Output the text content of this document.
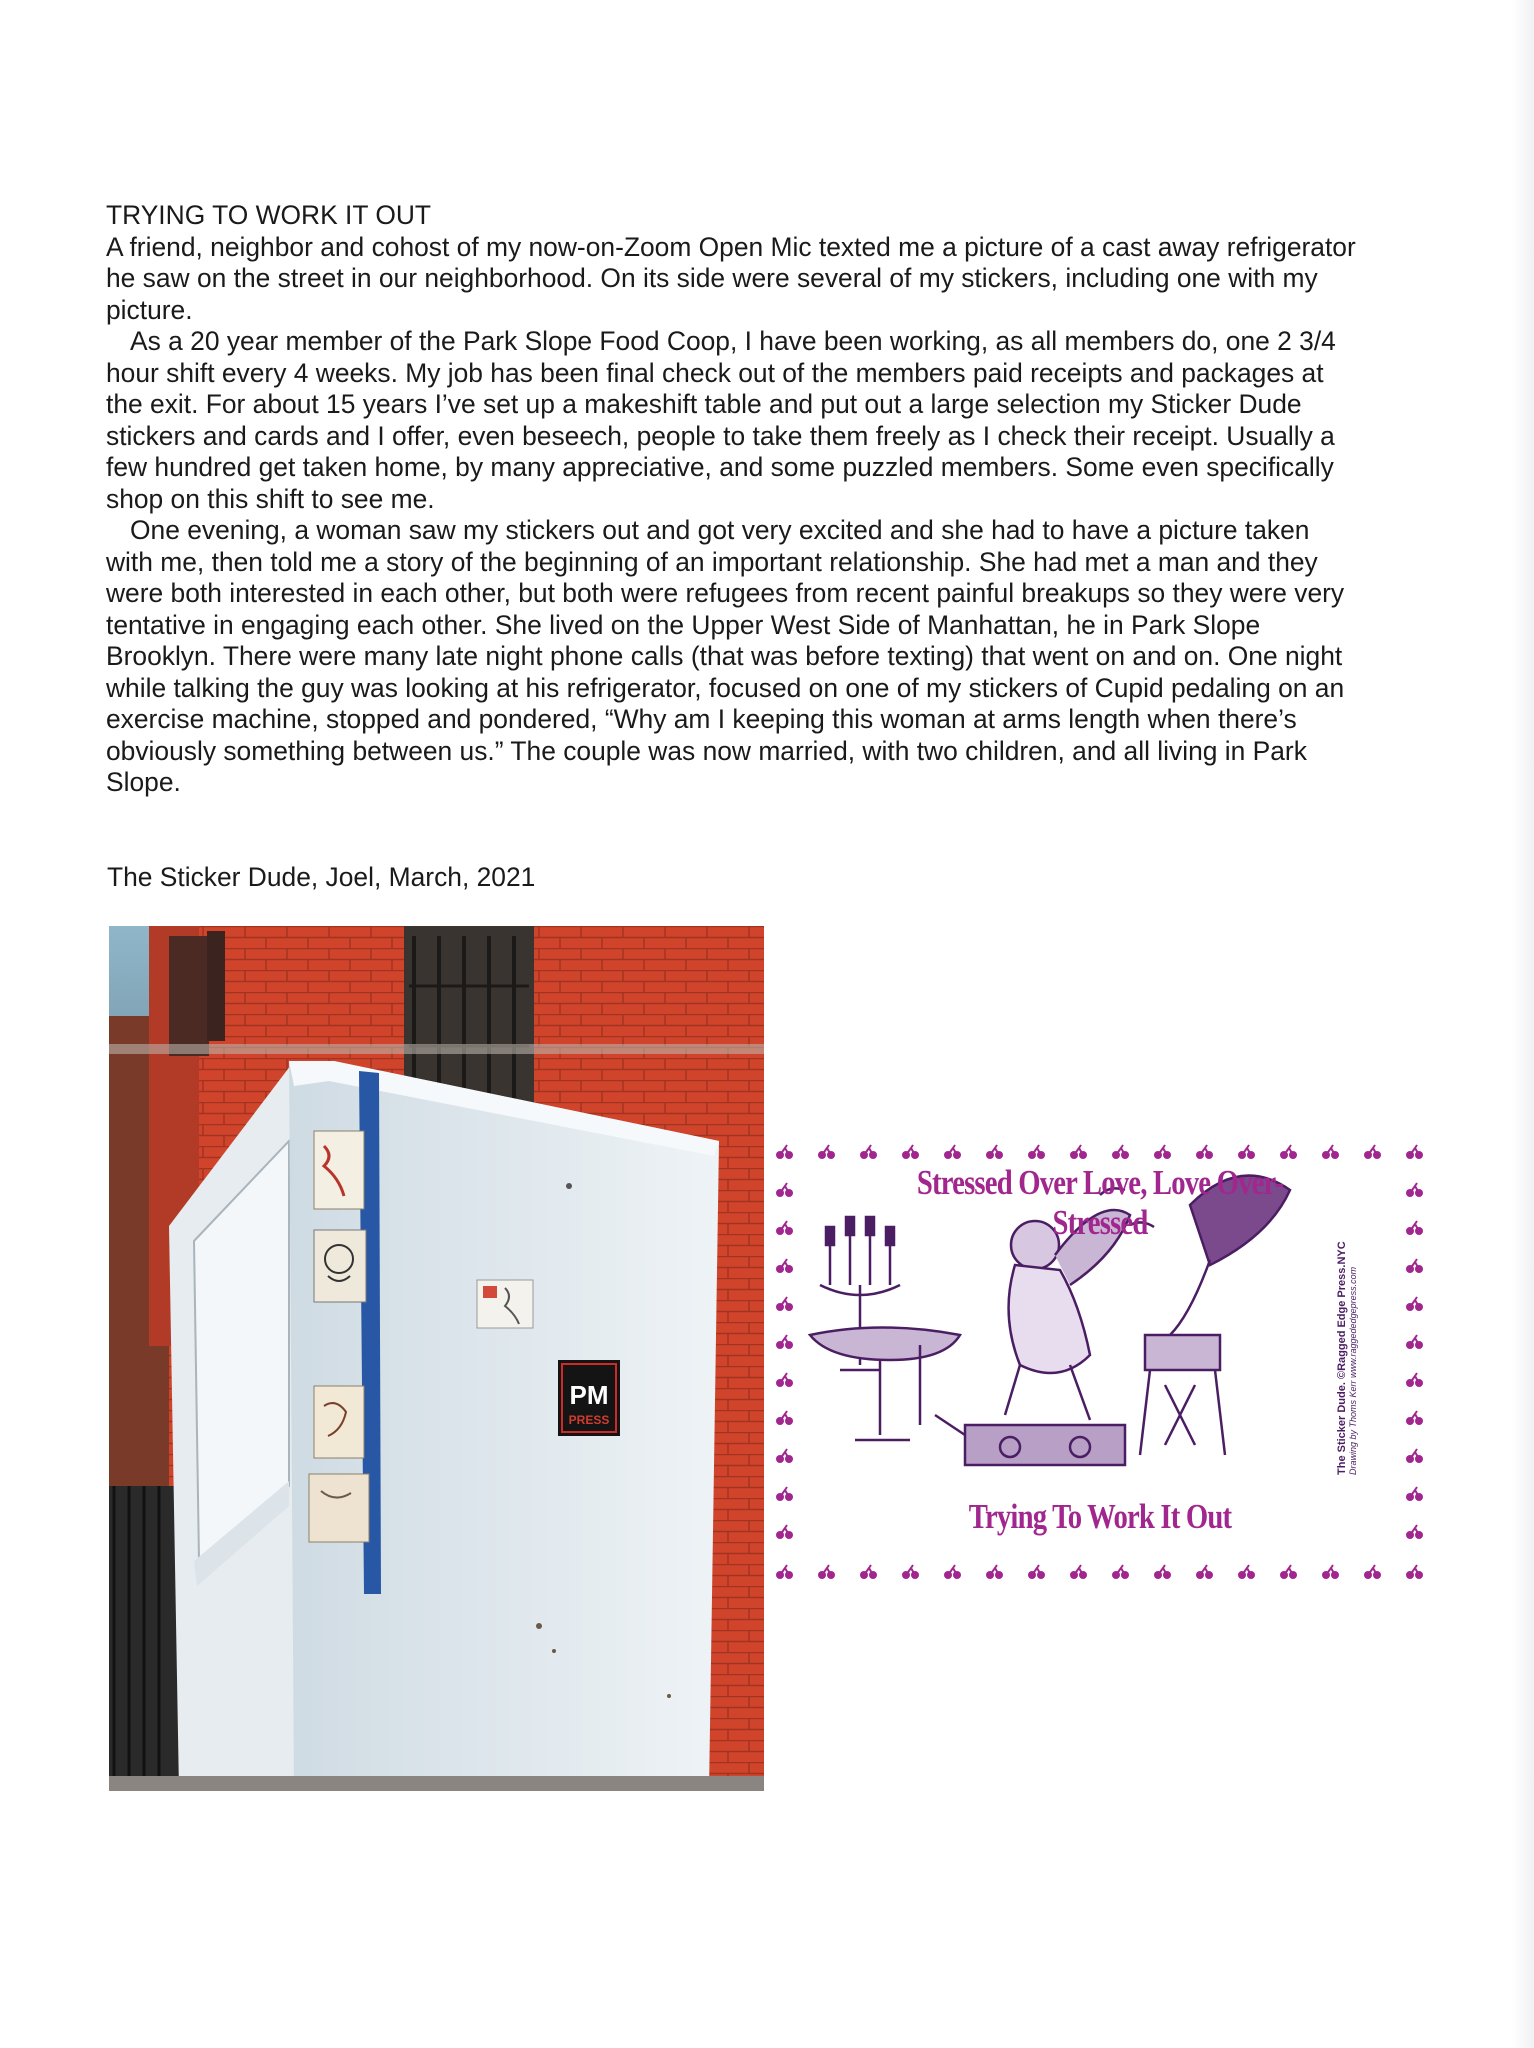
TRYING TO WORK IT OUT

A friend, neighbor and cohost of my now-on-Zoom Open Mic texted me a picture of a cast away refrigerator he saw on the street in our neighborhood. On its side were several of my stickers, including one with my picture.

As a 20 year member of the Park Slope Food Coop, I have been working, as all members do, one 2 3/4 hour shift every 4 weeks. My job has been final check out of the members paid receipts and packages at the exit. For about 15 years I’ve set up a makeshift table and put out a large selection my Sticker Dude stickers and cards and I offer, even beseech, people to take them freely as I check their receipt. Usually a few hundred get taken home, by many appreciative, and some puzzled members. Some even specifically shop on this shift to see me.

One evening, a woman saw my stickers out and got very excited and she had to have a picture taken with me, then told me a story of the beginning of an important relationship. She had met a man and they were both interested in each other, but both were refugees from recent painful breakups so they were very tentative in engaging each other. She lived on the Upper West Side of Manhattan, he in Park Slope Brooklyn. There were many late night phone calls (that was before texting) that went on and on. One night while talking the guy was looking at his refrigerator, focused on one of my stickers of Cupid pedaling on an exercise machine, stopped and pondered, “Why am I keeping this woman at arms length when there’s obviously something between us.” The couple was now married, with two children, and all living in Park Slope.

The Sticker Dude, Joel, March, 2021
PM
PRESS
Stressed Over Love, Love Over-Stressed
Trying To Work It Out
The Sticker Dude. ©Ragged Edge Press.NYC Drawing by Thoms Kerr www.raggededgepress.com
